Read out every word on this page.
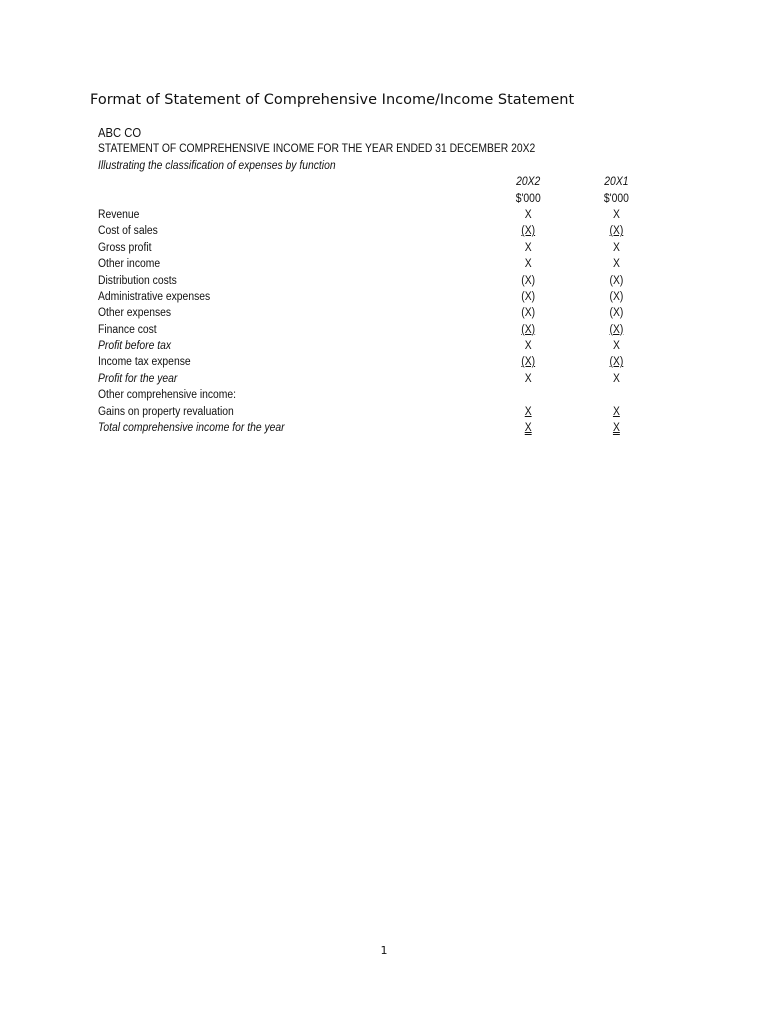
Format of Statement of Comprehensive Income/Income Statement
ABC CO
STATEMENT OF COMPREHENSIVE INCOME FOR THE YEAR ENDED 31 DECEMBER 20X2
Illustrating the classification of expenses by function
20X2	20X1
$'000	$'000
Revenue	X	X
Cost of sales	(X)	(X)
Gross profit	X	X
Other income	X	X
Distribution costs	(X)	(X)
Administrative expenses	(X)	(X)
Other expenses	(X)	(X)
Finance cost	(X)	(X)
Profit before tax	X	X
Income tax expense	(X)	(X)
Profit for the year	X	X
Other comprehensive income:
Gains on property revaluation	X	X
Total comprehensive income for the year	X	X
1
